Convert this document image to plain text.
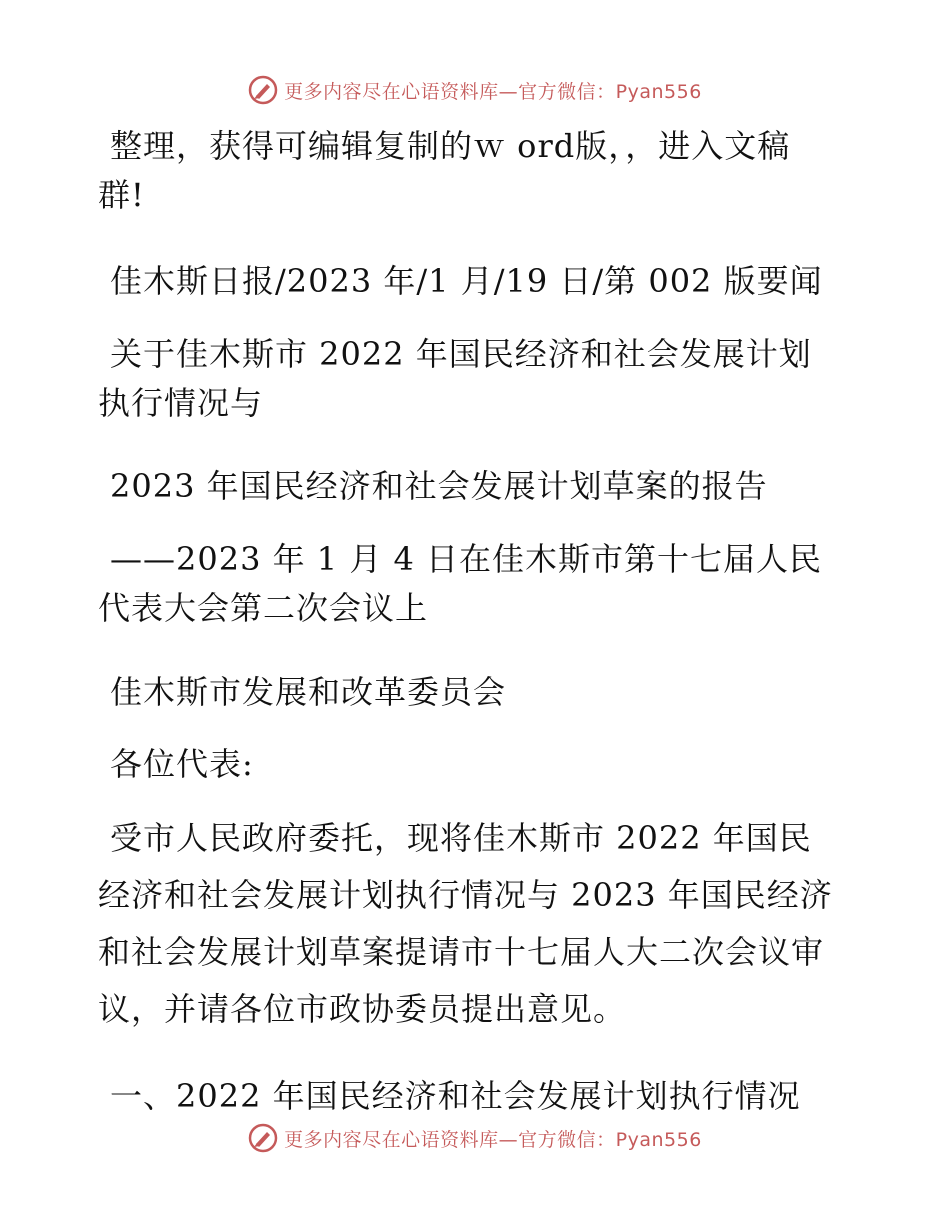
更多内容尽在心语资料库—官方微信：Pyan556

整理，获得可编辑复制的ｗ ord版，，进入文稿

群!

佳木斯日报/2023 年/1 月/19 日/第 002 版要闻

关于佳木斯市 2022 年国民经济和社会发展计划

执行情况与

2023 年国民经济和社会发展计划草案的报告

——2023 年 1 月 4 日在佳木斯市第十七届人民

代表大会第二次会议上

佳木斯市发展和改革委员会

各位代表:

受市人民政府委托，现将佳木斯市 2022 年国民

经济和社会发展计划执行情况与 2023 年国民经济

和社会发展计划草案提请市十七届人大二次会议审

议，并请各位市政协委员提出意见。

一、2022 年国民经济和社会发展计划执行情况

更多内容尽在心语资料库—官方微信：Pyan556
